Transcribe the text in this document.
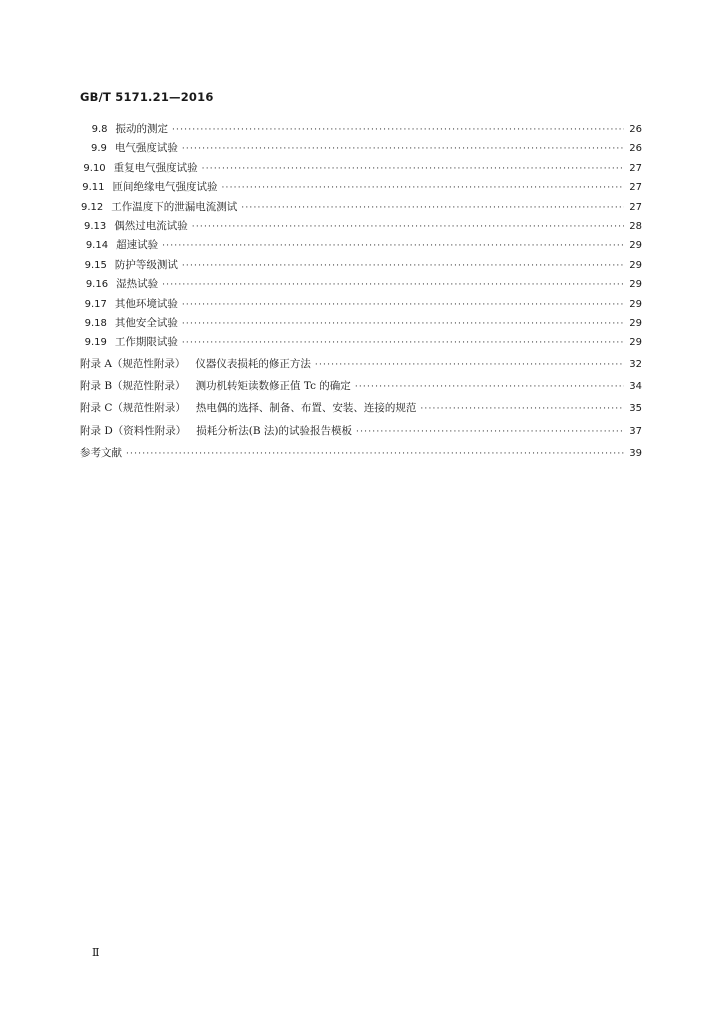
GB/T 5171.21—2016
9.8 振动的测定 ·····	26
9.9 电气强度试验 ·····	26
9.10 重复电气强度试验 ·····	27
9.11 匝间绝缘电气强度试验 ·····	27
9.12 工作温度下的泄漏电流测试 ·····	27
9.13 偶然过电流试验 ·····	28
9.14 超速试验 ·····	29
9.15 防护等级测试 ·····	29
9.16 湿热试验 ·····	29
9.17 其他环境试验 ·····	29
9.18 其他安全试验 ·····	29
9.19 工作期限试验 ·····	29
附录 A（规范性附录） 仪器仪表损耗的修正方法 ·····	32
附录 B（规范性附录） 测功机转矩读数修正值 Tc 的确定 ·····	34
附录 C（规范性附录） 热电偶的选择、制备、布置、安装、连接的规范 ·····	35
附录 D（资料性附录） 损耗分析法(B 法)的试验报告模板 ·····	37
参考文献 ·····	39
Ⅱ
